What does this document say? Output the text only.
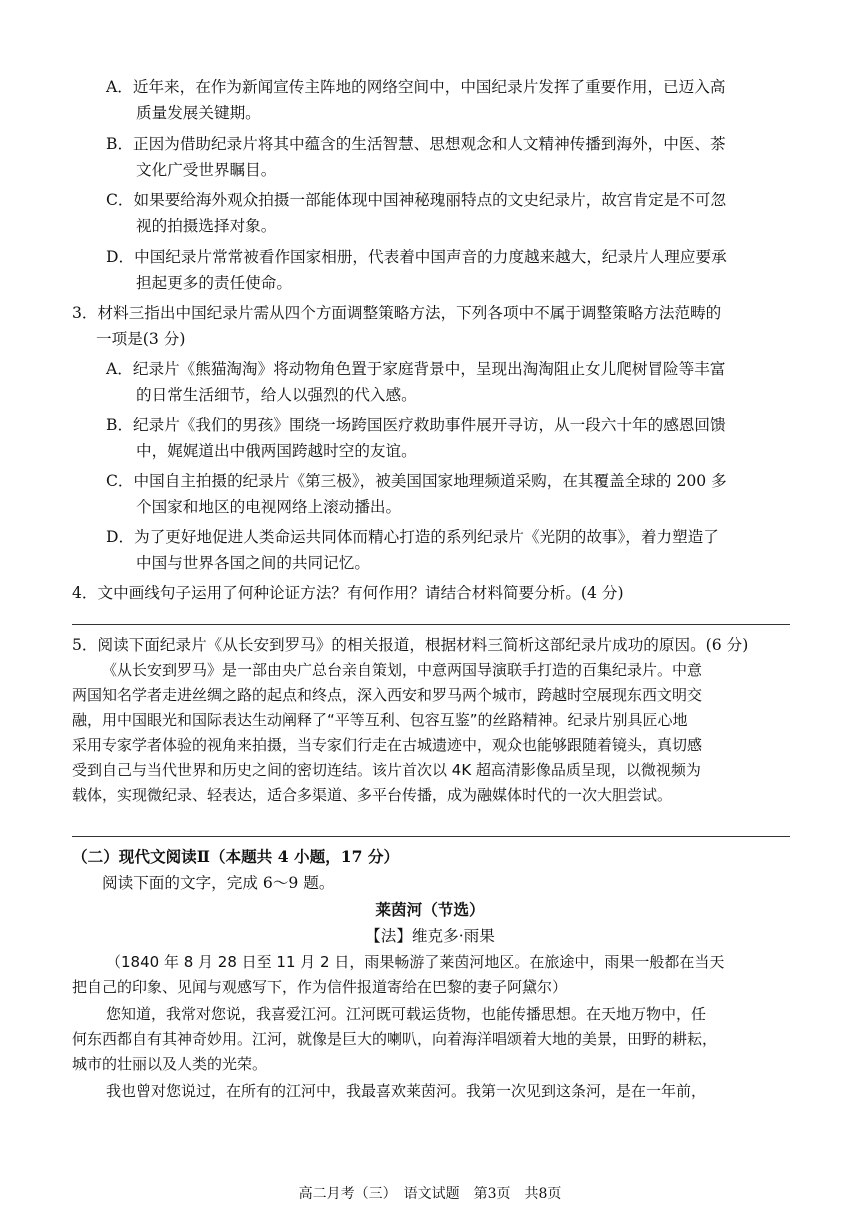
A．近年来，在作为新闻宣传主阵地的网络空间中，中国纪录片发挥了重要作用，已迈入高
质量发展关键期。
B．正因为借助纪录片将其中蕴含的生活智慧、思想观念和人文精神传播到海外，中医、茶
文化广受世界瞩目。
C．如果要给海外观众拍摄一部能体现中国神秘瑰丽特点的文史纪录片，故宫肯定是不可忽
视的拍摄选择对象。
D．中国纪录片常常被看作国家相册，代表着中国声音的力度越来越大，纪录片人理应要承
担起更多的责任使命。
3．材料三指出中国纪录片需从四个方面调整策略方法，下列各项中不属于调整策略方法范畴的
一项是(3 分)
A．纪录片《熊猫淘淘》将动物角色置于家庭背景中，呈现出淘淘阻止女儿爬树冒险等丰富
的日常生活细节，给人以强烈的代入感。
B．纪录片《我们的男孩》围绕一场跨国医疗救助事件展开寻访，从一段六十年的感恩回馈
中，娓娓道出中俄两国跨越时空的友谊。
C．中国自主拍摄的纪录片《第三极》，被美国国家地理频道采购，在其覆盖全球的 200 多
个国家和地区的电视网络上滚动播出。
D．为了更好地促进人类命运共同体而精心打造的系列纪录片《光阴的故事》，着力塑造了
中国与世界各国之间的共同记忆。
4．文中画线句子运用了何种论证方法？有何作用？请结合材料简要分析。(4 分)
5．阅读下面纪录片《从长安到罗马》的相关报道，根据材料三简析这部纪录片成功的原因。(6 分)
《从长安到罗马》是一部由央广总台亲自策划，中意两国导演联手打造的百集纪录片。中意
两国知名学者走进丝绸之路的起点和终点，深入西安和罗马两个城市，跨越时空展现东西文明交
融，用中国眼光和国际表达生动阐释了“平等互利、包容互鉴”的丝路精神。纪录片别具匠心地
采用专家学者体验的视角来拍摄，当专家们行走在古城遗迹中，观众也能够跟随着镜头，真切感
受到自己与当代世界和历史之间的密切连结。该片首次以 4K 超高清影像品质呈现，以微视频为
载体，实现微纪录、轻表达，适合多渠道、多平台传播，成为融媒体时代的一次大胆尝试。
（二）现代文阅读Ⅱ（本题共 4 小题，17 分）
阅读下面的文字，完成 6～9 题。
莱茵河（节选）
【法】维克多·雨果
（1840 年 8 月 28 日至 11 月 2 日，雨果畅游了莱茵河地区。在旅途中，雨果一般都在当天
把自己的印象、见闻与观感写下，作为信件报道寄给在巴黎的妻子阿黛尔）
您知道，我常对您说，我喜爱江河。江河既可载运货物，也能传播思想。在天地万物中，任
何东西都自有其神奇妙用。江河，就像是巨大的喇叭，向着海洋唱颂着大地的美景，田野的耕耘，
城市的壮丽以及人类的光荣。
我也曾对您说过，在所有的江河中，我最喜欢莱茵河。我第一次见到这条河，是在一年前，
高二月考（三）　语文试题　第3页　共8页
